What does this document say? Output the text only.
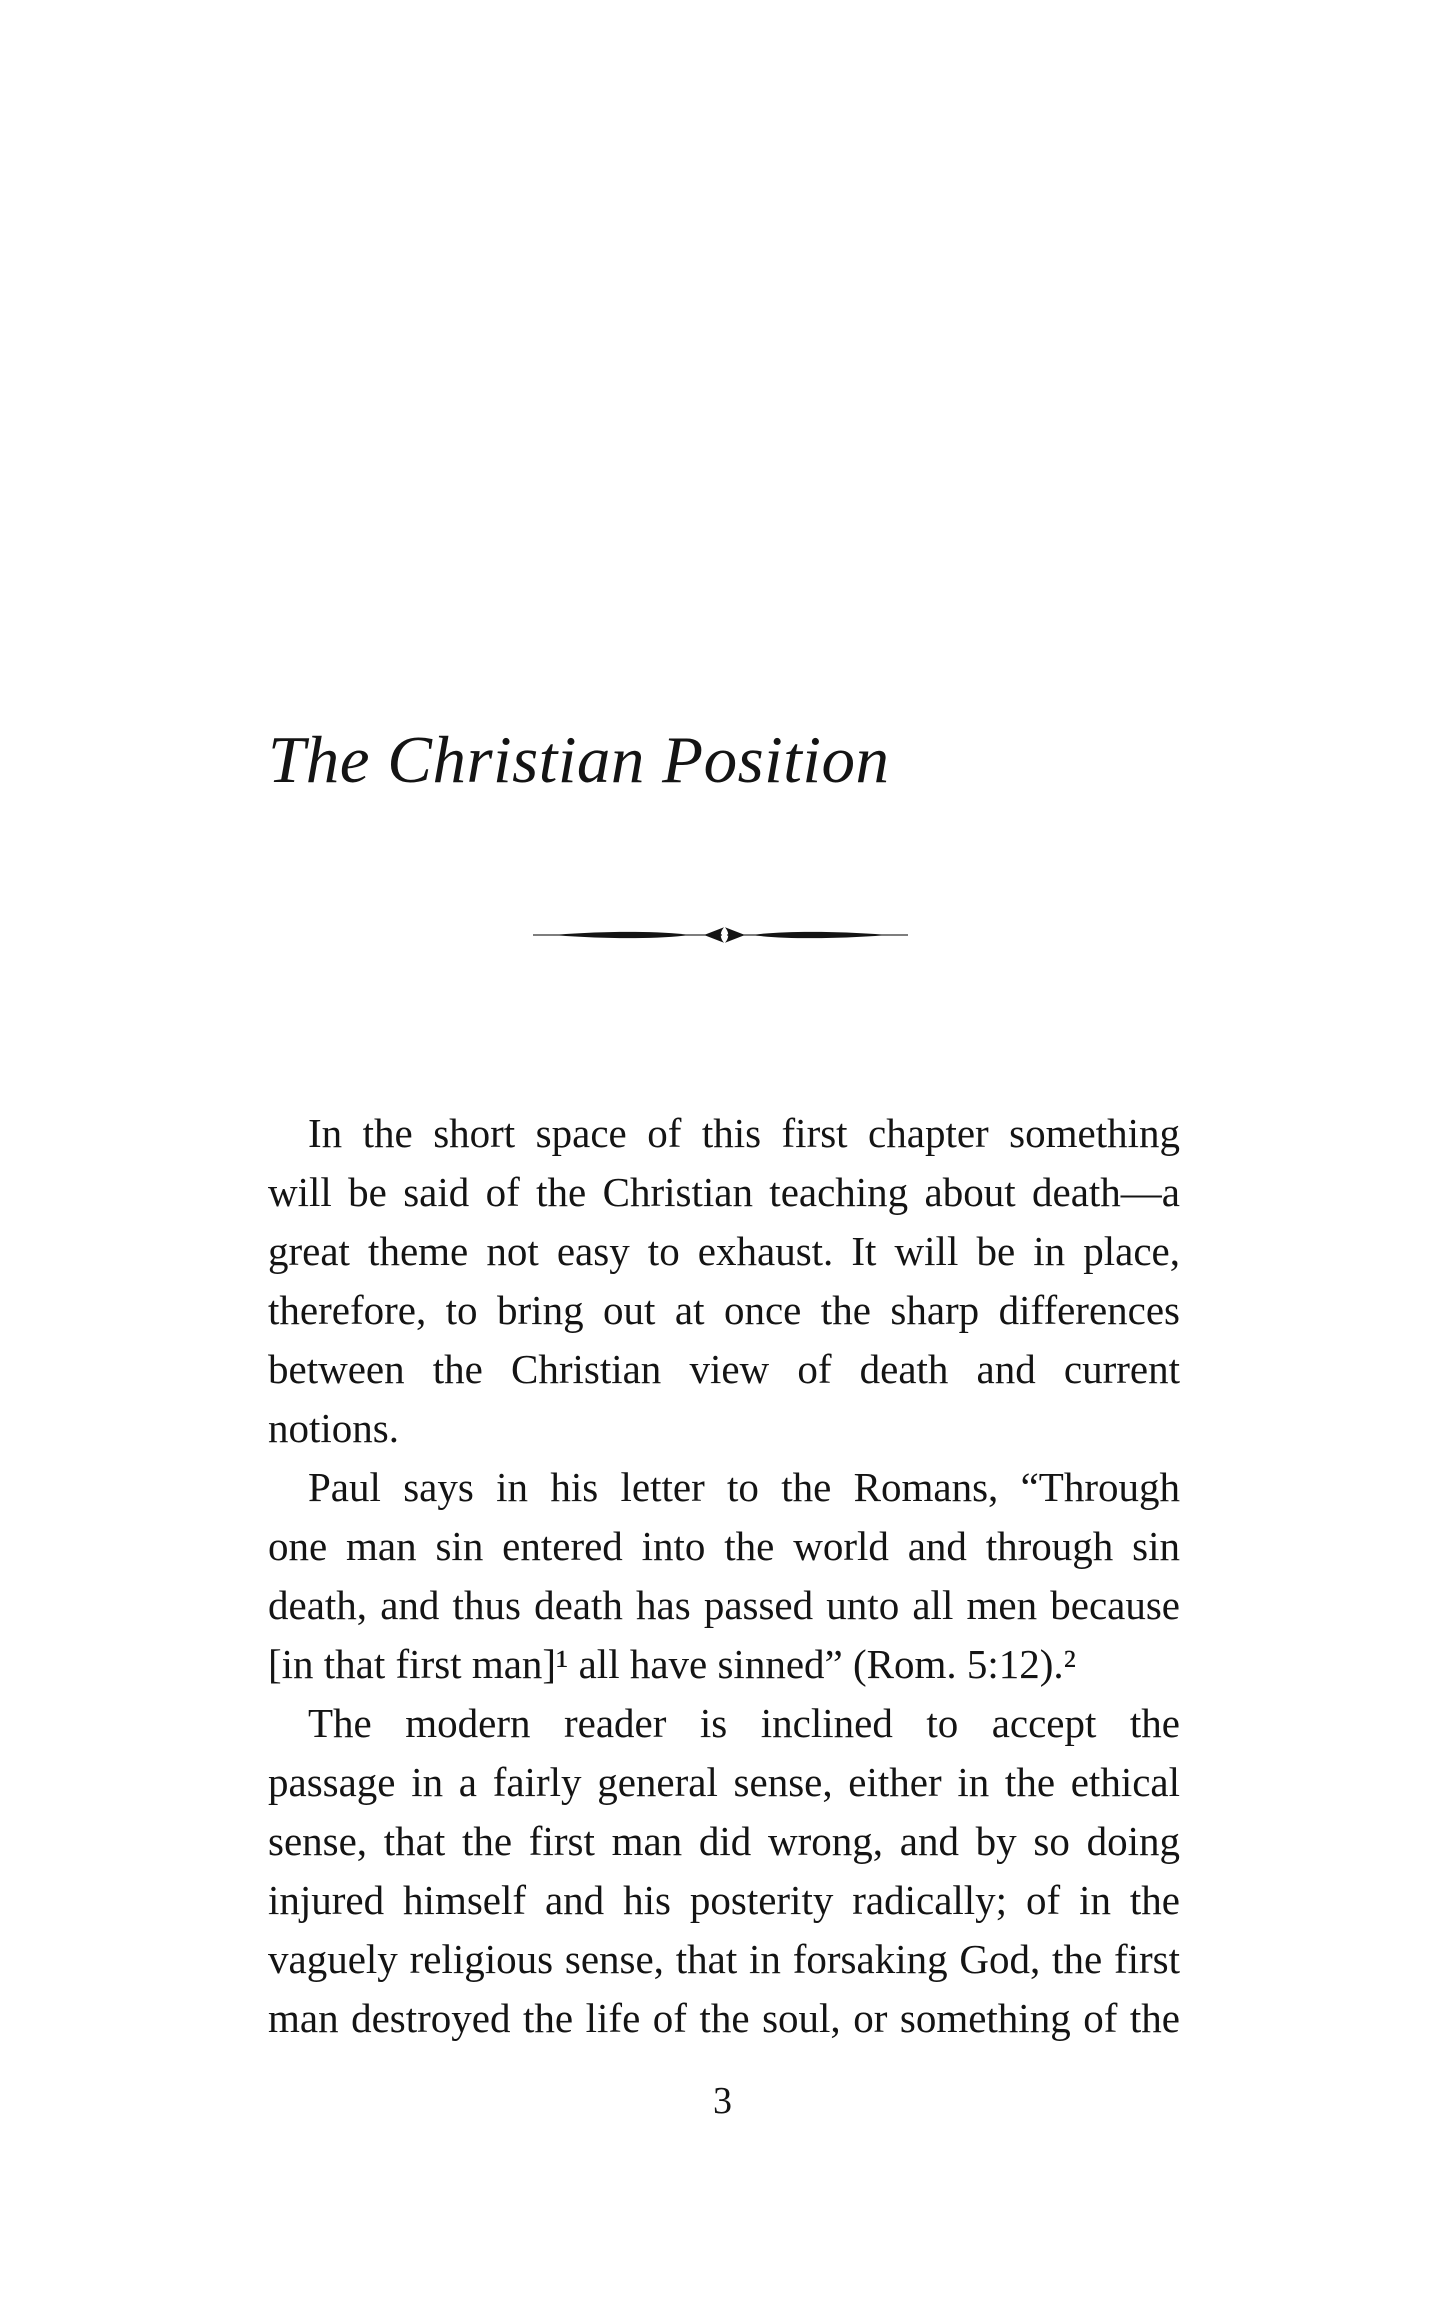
The Christian Position
In the short space of this first chapter something
will be said of the Christian teaching about death—a
great theme not easy to exhaust. It will be in place,
therefore, to bring out at once the sharp differences
between the Christian view of death and current
notions.
Paul says in his letter to the Romans, “Through
one man sin entered into the world and through sin
death, and thus death has passed unto all men because
[in that first man]¹ all have sinned” (Rom. 5:12).²
The modern reader is inclined to accept the
passage in a fairly general sense, either in the ethical
sense, that the first man did wrong, and by so doing
injured himself and his posterity radically; of in the
vaguely religious sense, that in forsaking God, the first
man destroyed the life of the soul, or something of the
3
